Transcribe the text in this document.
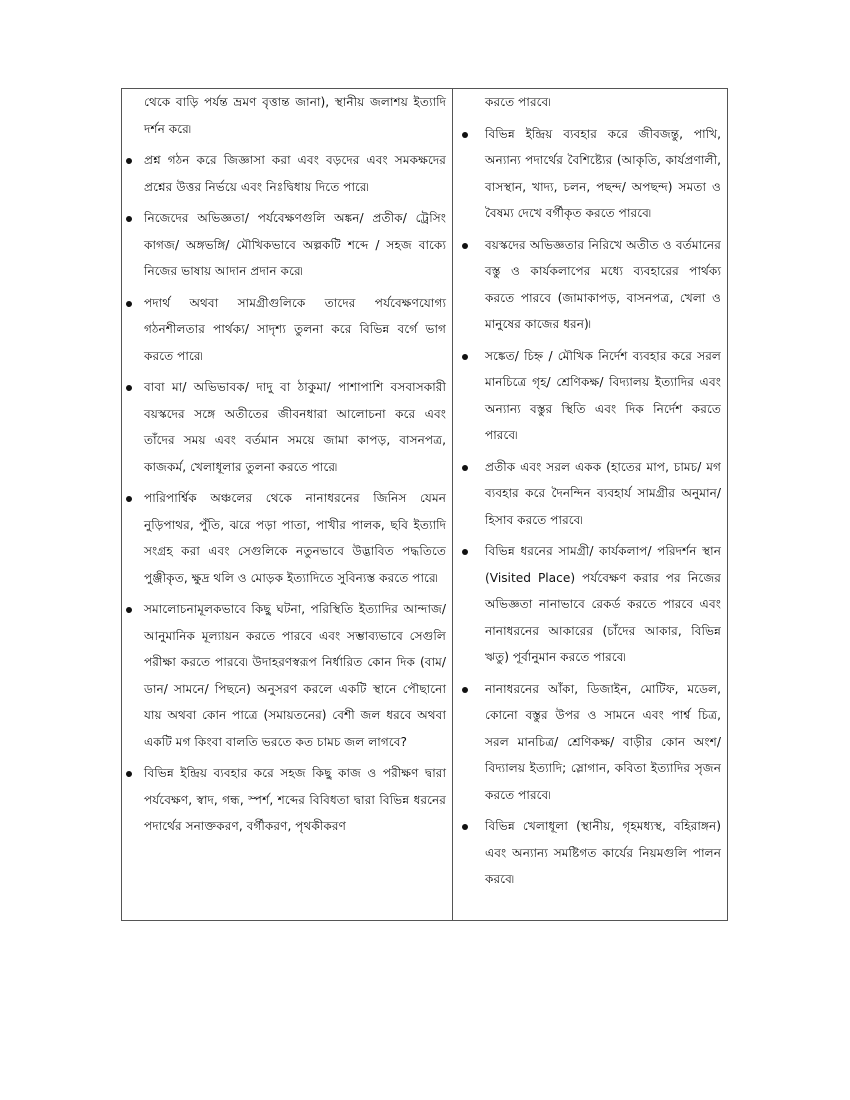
থেকে বাড়ি পর্যন্ত ভ্রমণ বৃত্তান্ত জানা), স্থানীয় জলাশয় ইত্যাদি দর্শন করে৷
প্রশ্ন গঠন করে জিজ্ঞাসা করা এবং বড়দের এবং সমকক্ষদের প্রশ্নের উত্তর নির্ভয়ে এবং নিঃদ্বিধায় দিতে পারে৷
নিজেদের অভিজ্ঞতা/ পর্যবেক্ষণগুলি অঙ্কন/ প্রতীক/ ট্রেসিং কাগজ/ অঙ্গভঙ্গি/ মৌখিকভাবে অল্পকটি শব্দে / সহজ বাক্যে নিজের ভাষায় আদান প্রদান করে৷
পদার্থ অথবা সামগ্রীগুলিকে তাদের পর্যবেক্ষণযোগ্য গঠনশীলতার পার্থক্য/ সাদৃশ্য তুলনা করে বিভিন্ন বর্গে ভাগ করতে পারে৷
বাবা মা/ অভিভাবক/ দাদু বা ঠাকুমা/ পাশাপাশি বসবাসকারী বয়স্কদের সঙ্গে অতীতের জীবনধারা আলোচনা করে এবং তাঁদের সময় এবং বর্তমান সময়ে জামা কাপড়, বাসনপত্র, কাজকর্ম, খেলাধূলার তুলনা করতে পারে৷
পারিপার্শ্বিক অঞ্চলের থেকে নানাধরনের জিনিস যেমন নুড়িপাথর, পুঁতি, ঝরে পড়া পাতা, পাখীর পালক, ছবি ইত্যাদি সংগ্রহ করা এবং সেগুলিকে নতুনভাবে উদ্ভাবিত পদ্ধতিতে পুঞ্জীকৃত, ক্ষুদ্র থলি ও মোড়ক ইত্যাদিতে সুবিন্যস্ত করতে পারে৷
সমালোচনামূলকভাবে কিছু ঘটনা, পরিস্থিতি ইত্যাদির আন্দাজ/ আনুমানিক মূল্যায়ন করতে পারবে এবং সম্ভাব্যভাবে সেগুলি পরীক্ষা করতে পারবে৷ উদাহরণস্বরূপ নির্ধারিত কোন দিক (বাম/ ডান/ সামনে/ পিছনে) অনুসরণ করলে একটি স্থানে পৌছানো যায় অথবা কোন পাত্রে (সমায়তনের) বেশী জল ধরবে অথবা একটি মগ কিংবা বালতি ভরতে কত চামচ জল লাগবে?
বিভিন্ন ইন্দ্রিয় ব্যবহার করে সহজ কিছু কাজ ও পরীক্ষণ দ্বারা পর্যবেক্ষণ, স্বাদ, গন্ধ, স্পর্শ, শব্দের বিবিধতা দ্বারা বিভিন্ন ধরনের পদার্থের সনাক্তকরণ, বর্গীকরণ, পৃথকীকরণ
করতে পারবে৷
বিভিন্ন ইন্দ্রিয় ব্যবহার করে জীবজন্তু, পাখি, অন্যান্য পদার্থের বৈশিষ্ট্যের (আকৃতি, কার্যপ্রণালী, বাসস্থান, খাদ্য, চলন, পছন্দ/ অপছন্দ) সমতা ও বৈষম্য দেখে বর্গীকৃত করতে পারবে৷
বয়স্কদের অভিজ্ঞতার নিরিখে অতীত ও বর্তমানের বস্তু ও কার্যকলাপের মধ্যে ব্যবহারের পার্থক্য করতে পারবে (জামাকাপড়, বাসনপত্র, খেলা ও মানুষের কাজের ধরন)৷
সঙ্কেত/ চিহ্ন / মৌখিক নির্দেশ ব্যবহার করে সরল মানচিত্রে গৃহ/ শ্রেণিকক্ষ/ বিদ্যালয় ইত্যাদির এবং অন্যান্য বস্তুর স্থিতি এবং দিক নির্দেশ করতে পারবে৷
প্রতীক এবং সরল একক (হাতের মাপ, চামচ/ মগ ব্যবহার করে দৈনন্দিন ব্যবহার্য সামগ্রীর অনুমান/ হিসাব করতে পারবে৷
বিভিন্ন ধরনের সামগ্রী/ কার্যকলাপ/ পরিদর্শন স্থান (Visited Place) পর্যবেক্ষণ করার পর নিজের অভিজ্ঞতা নানাভাবে রেকর্ড করতে পারবে এবং নানাধরনের আকারের (চাঁদের আকার, বিভিন্ন ঋতু) পূর্বানুমান করতে পারবে৷
নানাধরনের আঁকা, ডিজাইন, মোটিফ, মডেল, কোনো বস্তুর উপর ও সামনে এবং পার্শ্ব চিত্র, সরল মানচিত্র/ শ্রেণিকক্ষ/ বাড়ীর কোন অংশ/ বিদ্যালয় ইত্যাদি; স্লোগান, কবিতা ইত্যাদির সৃজন করতে পারবে৷
বিভিন্ন খেলাধূলা (স্থানীয়, গৃহমধ্যস্থ, বহিরাঙ্গন) এবং অন্যান্য সমষ্টিগত কার্যের নিয়মগুলি পালন করবে৷
